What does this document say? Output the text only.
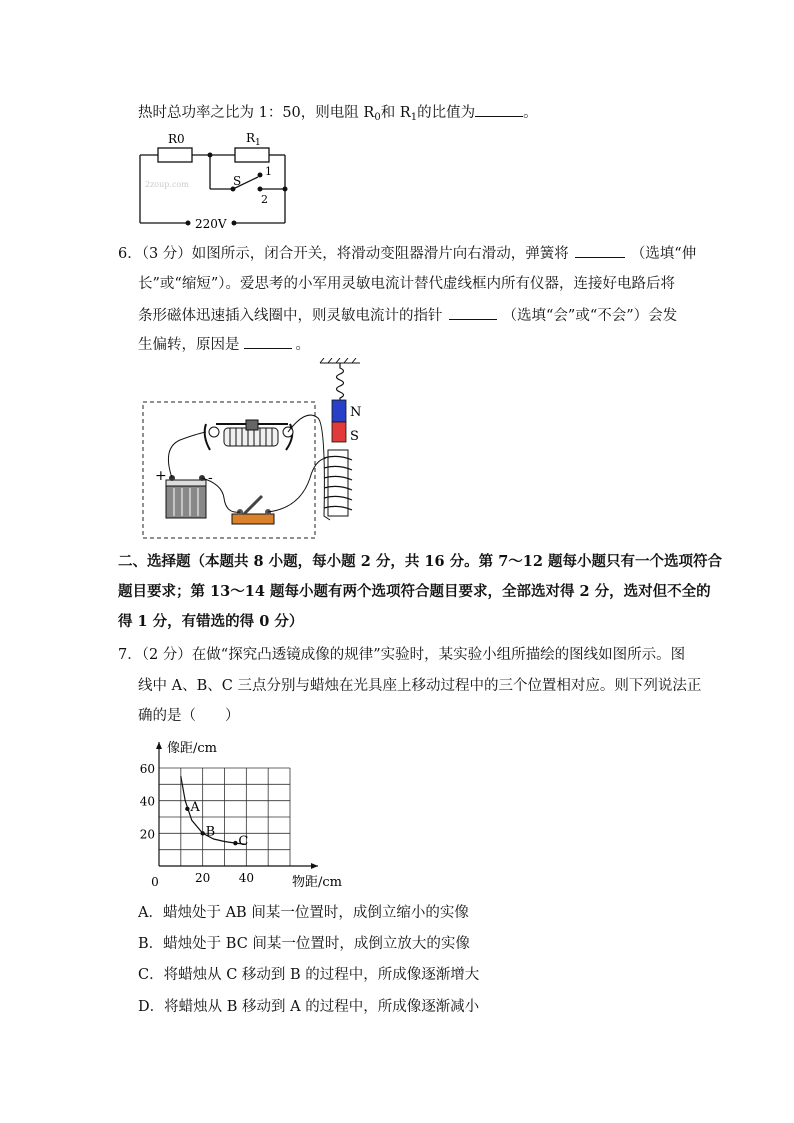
热时总功率之比为 1：50，则电阻 $R_0$和 $R_1$的比值为	。
R0	$R_1$
S
1
2
220V
2zoup.com
6．（3 分）如图所示，闭合开关，将滑动变阻器滑片向右滑动，弹簧将	（选填“伸
长”或“缩短”）。爱思考的小军用灵敏电流计替代虚线框内所有仪器，连接好电路后将
条形磁体迅速插入线圈中，则灵敏电流计的指针	（选填“会”或“不会”）会发
生偏转，原因是	。
N
S
+	-
二、选择题（本题共 8 小题，每小题 2 分，共 16 分。第 7～12 题每小题只有一个选项符合
题目要求；第 13～14 题每小题有两个选项符合题目要求，全部选对得 2 分，选对但不全的
得 1 分，有错选的得 0 分）
7．（2 分）在做“探究凸透镜成像的规律”实验时，某实验小组所描绘的图线如图所示。图
线中 A、B、C 三点分别与蜡烛在光具座上移动过程中的三个位置相对应。则下列说法正
确的是（　　）
像距/cm
物距/cm
0	20 40
20
40
60
A
B
C
A．蜡烛处于 AB 间某一位置时，成倒立缩小的实像
B．蜡烛处于 BC 间某一位置时，成倒立放大的实像
C．将蜡烛从 C 移动到 B 的过程中，所成像逐渐增大
D．将蜡烛从 B 移动到 A 的过程中，所成像逐渐减小
